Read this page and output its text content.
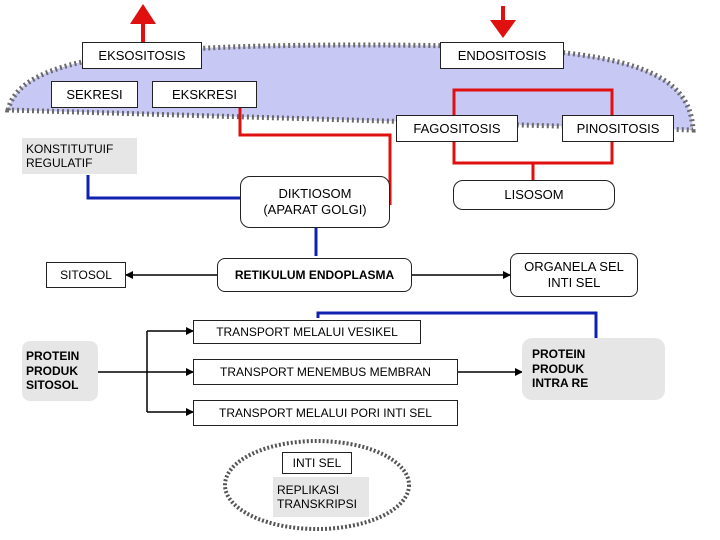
EKSOSITOSIS	ENDOSITOSIS
SEKRESI	EKSKRESI
FAGOSITOSIS	PINOSITOSIS
KONSTITUTUIF
REGULATIF
DIKTIOSOM
(APARAT GOLGI)
LISOSOM
SITOSOL	RETIKULUM ENDOPLASMA
ORGANELA SEL
INTI SEL
TRANSPORT MELALUI VESIKEL
TRANSPORT MENEMBUS MEMBRAN
TRANSPORT MELALUI PORI INTI SEL
PROTEIN
PRODUK
SITOSOL
PROTEIN
PRODUK
INTRA RE
INTI SEL
REPLIKASI
TRANSKRIPSI
